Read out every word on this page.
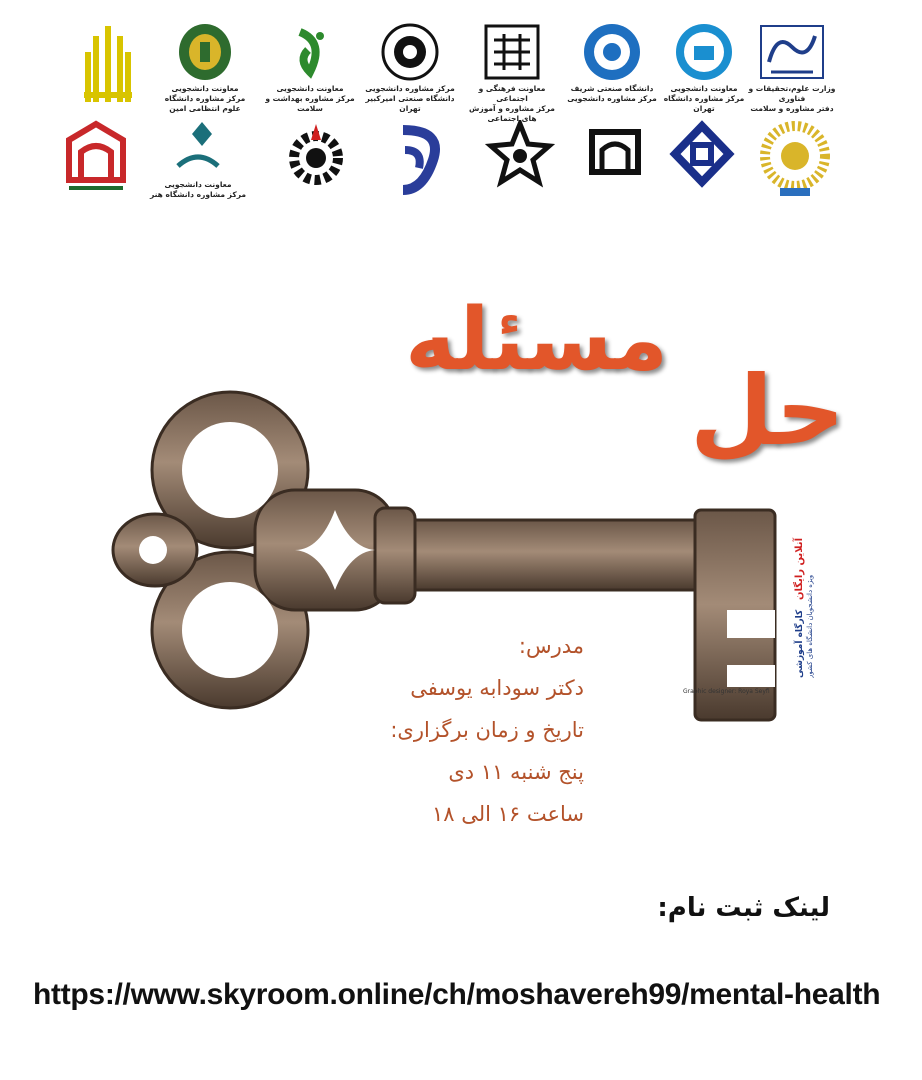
وزارت علوم،تحقیقات و فناوری
دفتر مشاوره و سلامت
معاونت دانشجویی
مرکز مشاوره دانشگاه تهران
دانشگاه صنعتی شریف
مرکز مشاوره دانشجویی
معاونت فرهنگی و اجتماعی
مرکز مشاوره و آموزش های اجتماعی
مرکز مشاوره دانشجویی
دانشگاه صنعتی امیرکبیر تهران
معاونت دانشجویی
مرکز مشاوره بهداشت و سلامت
معاونت دانشجویی
مرکز مشاوره دانشگاه علوم انتظامی امین
معاونت دانشجویی
مرکز مشاوره دانشگاه هنر
مسئله
حل
کارگاه آموزشی ویژه دانشجویان دانشگاه های کشور
آنلاین رایگان
Graphic designer: Roya Seyfi
مدرس:
دکتر سودابه یوسفی
تاریخ و زمان برگزاری:
پنج شنبه ۱۱ دی
ساعت ۱۶ الی ۱۸
لینک ثبت نام:
https://www.skyroom.online/ch/moshavereh99/mental-health
